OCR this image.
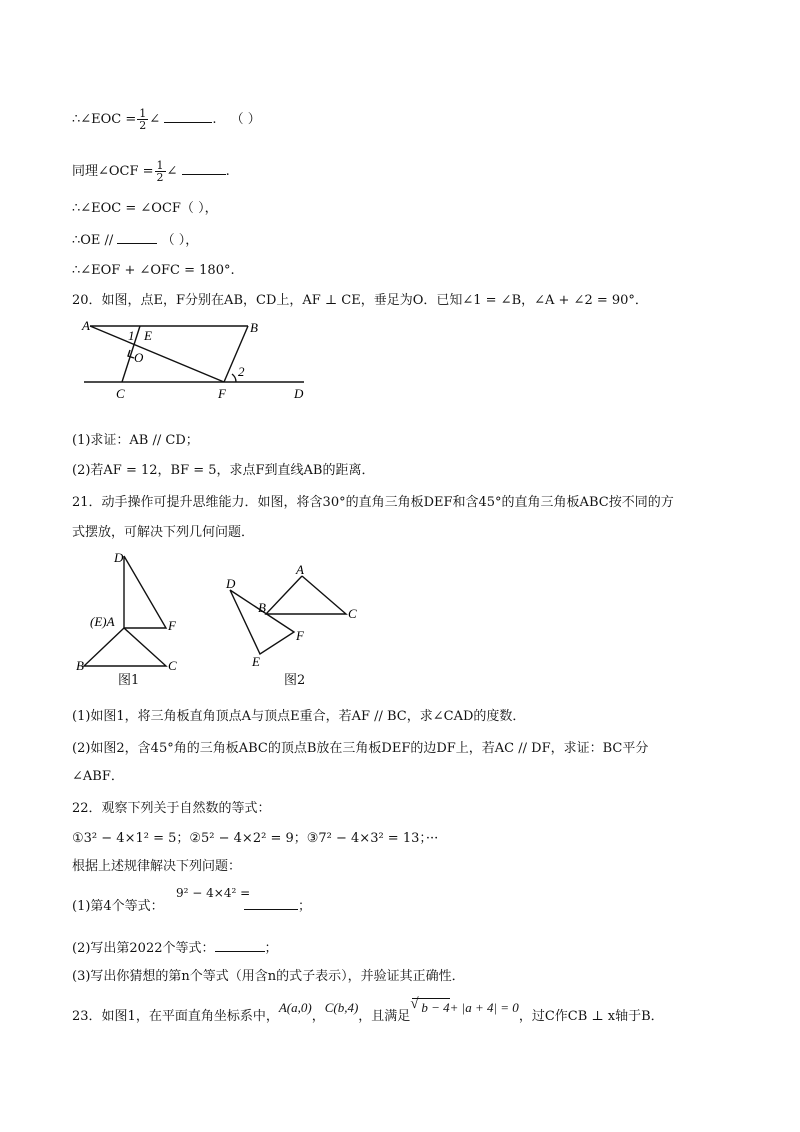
∴∠EOC = $\frac{1}{2}$ ∠	. （ ）
同理∠OCF = $\frac{1}{2}$ ∠	.
∴∠EOC = ∠OCF（ ），
∴OE //	（ ），
∴∠EOF + ∠OFC = 180°.
20．如图，点E，F分别在AB，CD上，AF ⊥ CE，垂足为O．已知∠1 = ∠B，∠A + ∠2 = 90°．
A	B
C	D
E
F
O
1
2
(1)求证：AB // CD；
(2)若AF = 12，BF = 5，求点F到直线AB的距离．
21．动手操作可提升思维能力．如图，将含30°的直角三角板DEF和含45°的直角三角板ABC按不同的方
式摆放，可解决下列几何问题．
D
(E)A	F
B	C
图1
D
A
B	C
F
E
图2
(1)如图1，将三角板直角顶点A与顶点E重合，若AF // BC，求∠CAD的度数．
(2)如图2，含45°角的三角板ABC的顶点B放在三角板DEF的边DF上，若AC // DF，求证：BC平分
∠ABF．
22．观察下列关于自然数的等式：
①3² − 4×1² = 5；②5² − 4×2² = 9；③7² − 4×3² = 13；···
根据上述规律解决下列问题：
(1)第4个等式：
9² − 4×4² =
；
(2)写出第2022个等式：	；
(3)写出你猜想的第n个等式（用含n的式子表示），并验证其正确性．
23．如图1，在平面直角坐标系中，A(a,0)，C(b,4)，且满足√ b − 4+ |a + 4| = 0，过C作CB ⊥ x轴于B．
